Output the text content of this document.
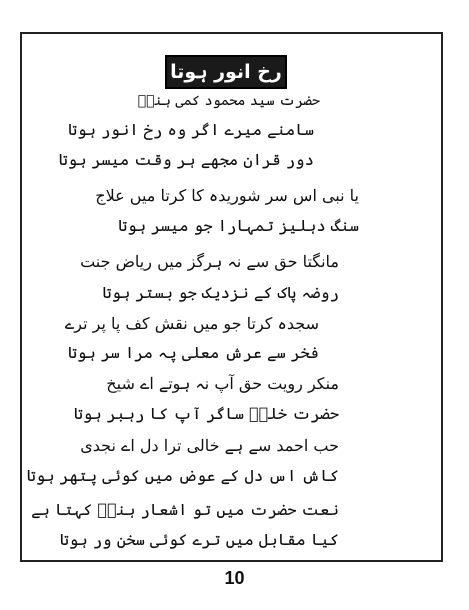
رخ انور ہوتا
حضرت سید محمود کمی ہنرؔ

سامنے میرے اگر وہ رخ انور ہوتا

دور قران مجھے ہر وقت میسر ہوتا

یا نبی اس سر شوریدہ کا کرتا میں علاج

سنگ دہلیز تمہارا جو میسر ہوتا

مانگتا حق سے نہ ہرگز میں ریاض جنت

روضہ پاک کے نزدیک جو بستر ہوتا

سجدہ کرتا جو میں نقش کف پا پر ترے

فخر سے عرش معلی پہ مرا سر ہوتا

منکر رویت حق آپ نہ ہوتے اے شیخ

حضرت خلقؔ ساگر آپ کا رہبر ہوتا

حب احمد سے ہے خالی ترا دل اے نجدی

کاش اس دل کے عوض میں کوئی پتھر ہوتا

نعت حضرت میں تو اشعار ہنرؔ کہتا ہے

کیا مقابل میں ترے کوئی سخن ور ہوتا

10
